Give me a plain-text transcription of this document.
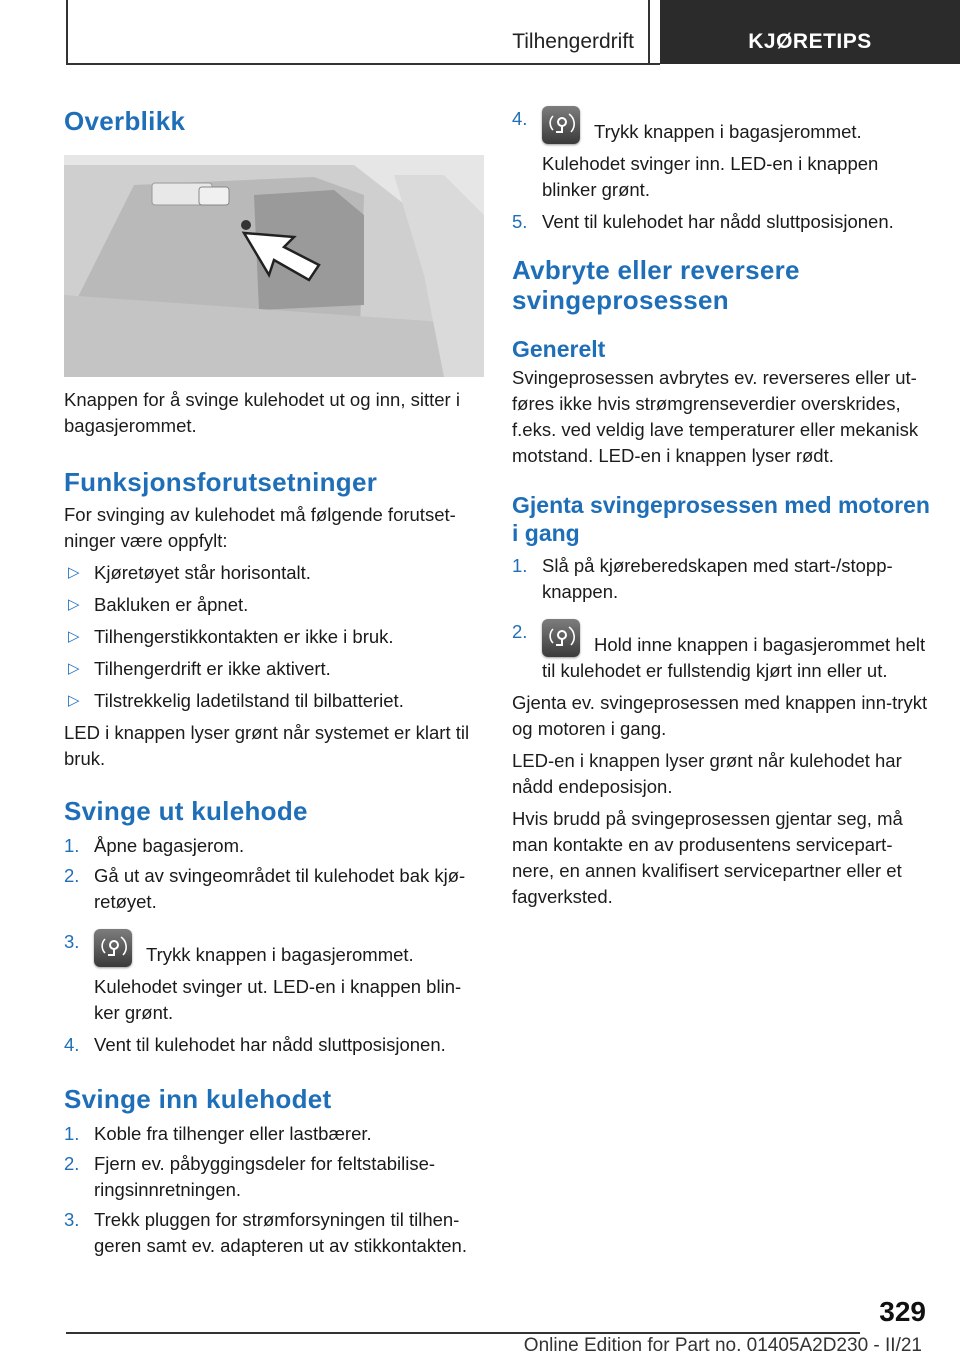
Tilhengerdrift	KJØRETIPS
Overblikk

Knappen for å svinge kulehodet ut og inn, sitter i bagasjerommet.

Funksjonsforutsetninger

For svinging av kulehodet må følgende forutset-ninger være oppfylt:

▷ Kjøretøyet står horisontalt.
▷ Bakluken er åpnet.
▷ Tilhengerstikkontakten er ikke i bruk.
▷ Tilhengerdrift er ikke aktivert.
▷ Tilstrekkelig ladetilstand til bilbatteriet.

LED i knappen lyser grønt når systemet er klart til bruk.

Svinge ut kulehode
1. Åpne bagasjerom.
2. Gå ut av svingeområdet til kulehodet bak kjø-retøyet.
3.
Trykk knappen i bagasjerommet.
Kulehodet svinger ut. LED-en i knappen blin-ker grønt.
4. Vent til kulehodet har nådd sluttposisjonen.
Svinge inn kulehodet
1. Koble fra tilhenger eller lastbærer.
2. Fjern ev. påbyggingsdeler for feltstabilise-ringsinnretningen.
3. Trekk pluggen for strømforsyningen til tilhen-geren samt ev. adapteren ut av stikkontakten.
4.
Trykk knappen i bagasjerommet.
Kulehodet svinger inn. LED-en i knappen blinker grønt.
5. Vent til kulehodet har nådd sluttposisjonen.
Avbryte eller reversere svingeprosessen
Generelt

Svingeprosessen avbrytes ev. reverseres eller ut-føres ikke hvis strømgrenseverdier overskrides, f.eks. ved veldig lave temperaturer eller mekanisk motstand. LED-en i knappen lyser rødt.

Gjenta svingeprosessen med motoren i gang
1. Slå på kjøreberedskapen med start-/stopp-knappen.
2.
Hold inne knappen i bagasjerommet helt til kulehodet er fullstendig kjørt inn eller ut.

Gjenta ev. svingeprosessen med knappen inn-trykt og motoren i gang.

LED-en i knappen lyser grønt når kulehodet har nådd endeposisjon.

Hvis brudd på svingeprosessen gjentar seg, må man kontakte en av produsentens servicepart-nere, en annen kvalifisert servicepartner eller et fagverksted.

329
Online Edition for Part no. 01405A2D230 - II/21
